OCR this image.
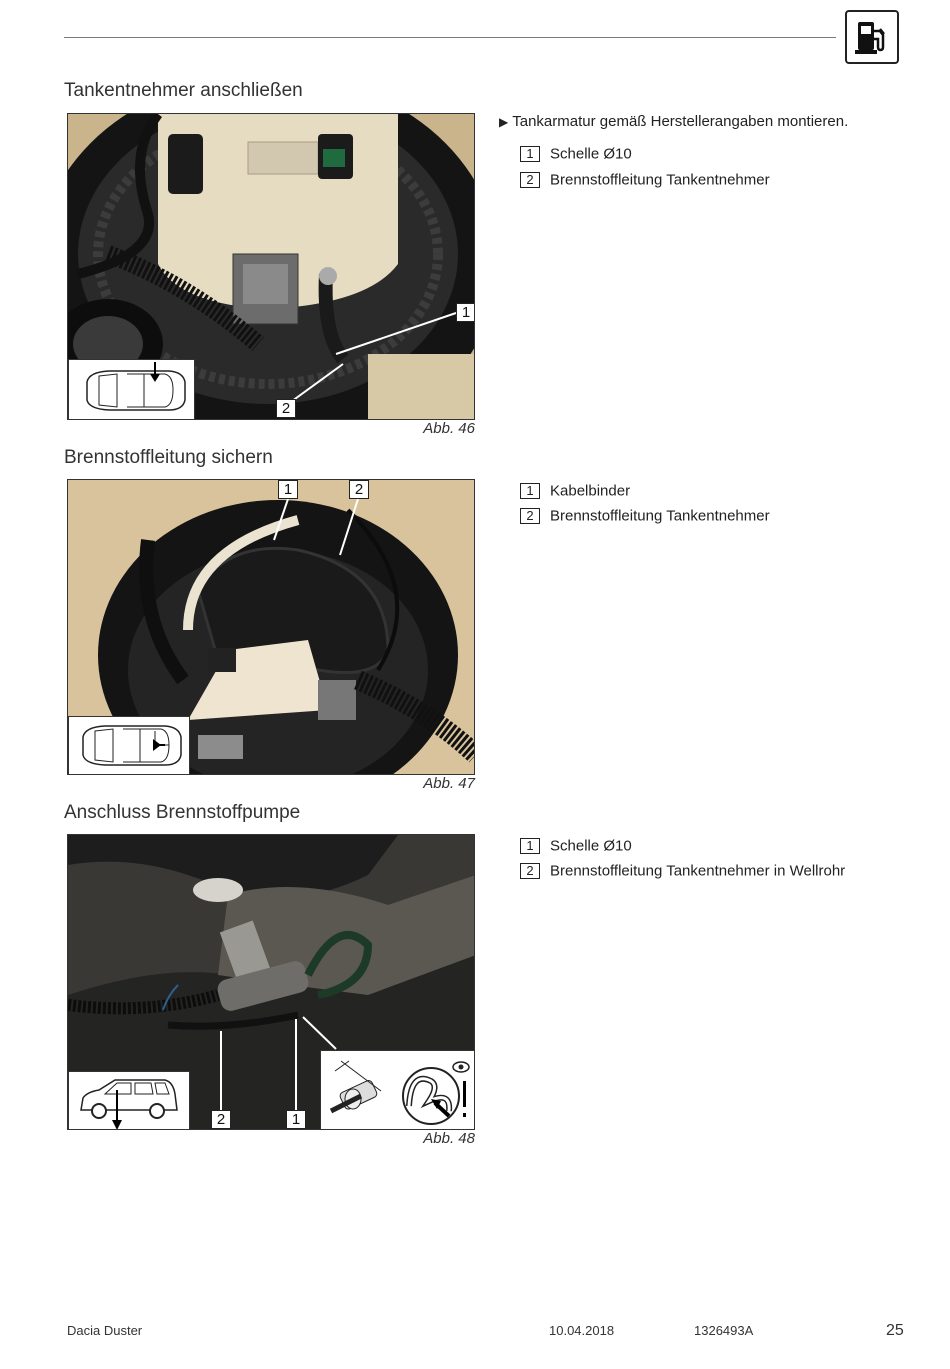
Tankentnehmer anschließen
1
2
Abb. 46

▶ Tankarmatur gemäß Herstellerangaben montieren.

1 Schelle Ø10
2 Brennstoffleitung Tankentnehmer
Brennstoffleitung sichern
1	2
Abb. 47
1 Kabelbinder
2 Brennstoffleitung Tankentnehmer
Anschluss Brennstoffpumpe
2	1
Abb. 48
1 Schelle Ø10
2 Brennstoffleitung Tankentnehmer in Wellrohr
Dacia Duster	10.04.2018	1326493A	25
